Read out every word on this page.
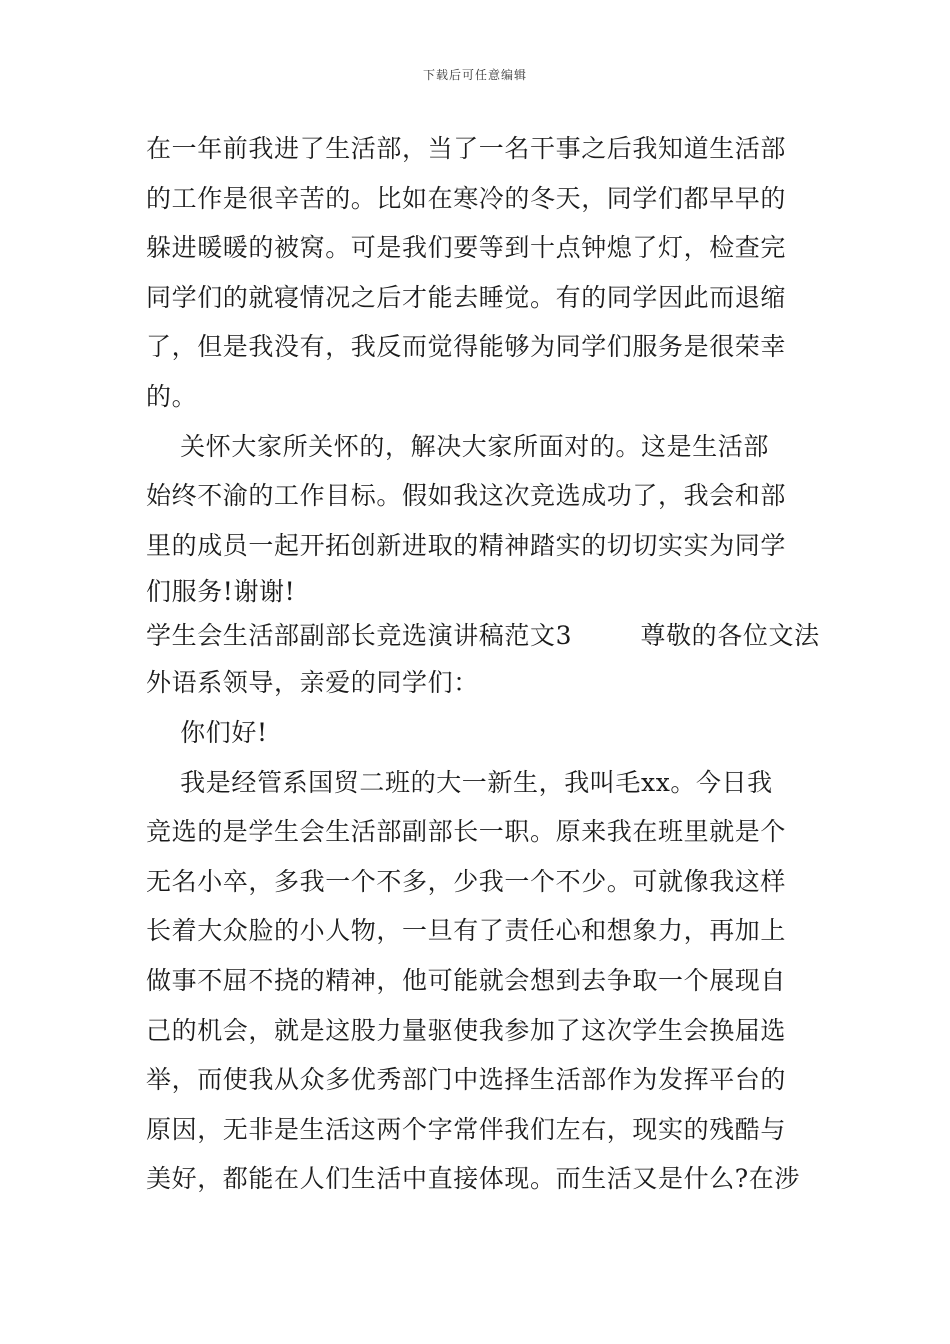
下载后可任意编辑
在一年前我进了生活部，当了一名干事之后我知道生活部
的工作是很辛苦的。比如在寒冷的冬天，同学们都早早的
躲进暖暖的被窝。可是我们要等到十点钟熄了灯，检查完
同学们的就寝情况之后才能去睡觉。有的同学因此而退缩
了，但是我没有，我反而觉得能够为同学们服务是很荣幸
的。
关怀大家所关怀的，解决大家所面对的。这是生活部
始终不渝的工作目标。假如我这次竞选成功了，我会和部
里的成员一起开拓创新进取的精神踏实的切切实实为同学
们服务!谢谢!
学生会生活部副部长竞选演讲稿范文3        尊敬的各位文法
外语系领导，亲爱的同学们：
你们好!
我是经管系国贸二班的大一新生，我叫毛xx。今日我
竞选的是学生会生活部副部长一职。原来我在班里就是个
无名小卒，多我一个不多，少我一个不少。可就像我这样
长着大众脸的小人物，一旦有了责任心和想象力，再加上
做事不屈不挠的精神，他可能就会想到去争取一个展现自
己的机会，就是这股力量驱使我参加了这次学生会换届选
举，而使我从众多优秀部门中选择生活部作为发挥平台的
原因，无非是生活这两个字常伴我们左右，现实的残酷与
美好，都能在人们生活中直接体现。而生活又是什么?在涉
